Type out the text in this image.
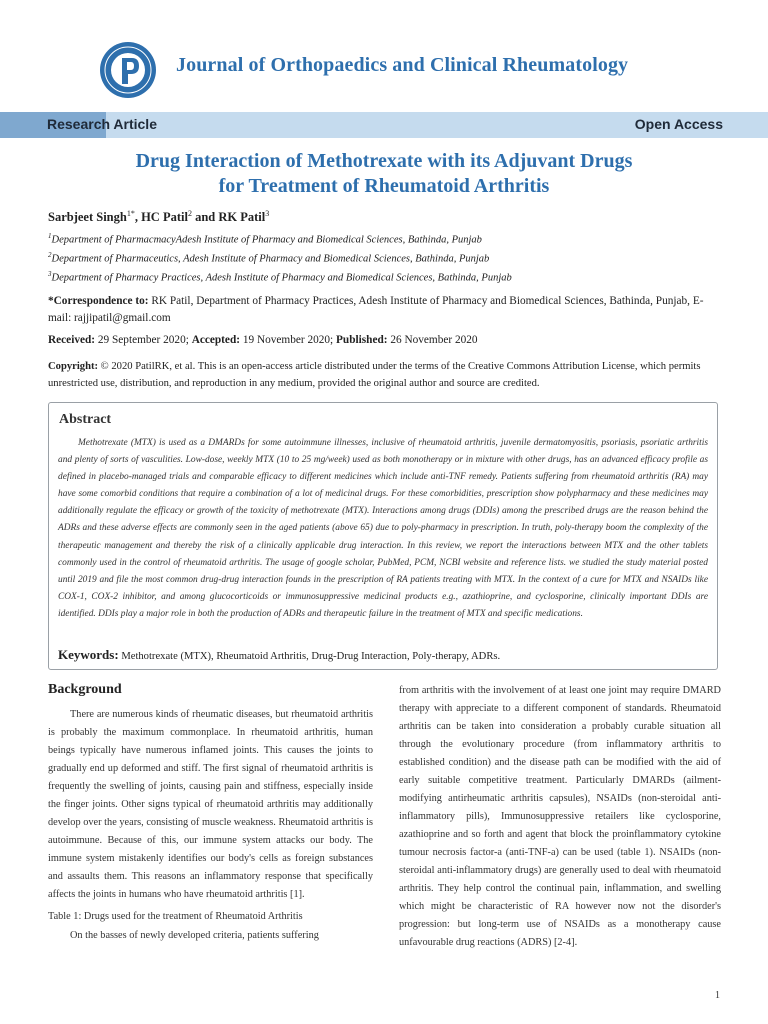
Journal of Orthopaedics and Clinical Rheumatology
Research Article	Open Access
Drug Interaction of Methotrexate with its Adjuvant Drugs
for Treatment of Rheumatoid Arthritis
Sarbjeet Singh$^{1*}$, HC Patil$^2$ and RK Patil$^3$
$^1$Department of PharmacmacyAdesh Institute of Pharmacy and Biomedical Sciences, Bathinda, Punjab
$^2$Department of Pharmaceutics, Adesh Institute of Pharmacy and Biomedical Sciences, Bathinda, Punjab
$^3$Department of Pharmacy Practices, Adesh Institute of Pharmacy and Biomedical Sciences, Bathinda, Punjab
*Correspondence to: RK Patil, Department of Pharmacy Practices, Adesh Institute of Pharmacy and Biomedical Sciences, Bathinda, Punjab, E-mail: rajjipatil@gmail.com
Received: 29 September 2020; Accepted: 19 November 2020; Published: 26 November 2020
Copyright: © 2020 PatilRK, et al. This is an open-access article distributed under the terms of the Creative Commons Attribution License, which permits unrestricted use, distribution, and reproduction in any medium, provided the original author and source are credited.
Abstract

Methotrexate (MTX) is used as a DMARDs for some autoimmune illnesses, inclusive of rheumatoid arthritis, juvenile dermatomyositis, psoriasis, psoriatic arthritis and plenty of sorts of vasculities. Low-dose, weekly MTX (10 to 25 mg/week) used as both monotherapy or in mixture with other drugs, has an advanced efficacy profile as defined in placebo-managed trials and comparable efficacy to different medicines which include anti-TNF remedy. Patients suffering from rheumatoid arthritis (RA) may have some comorbid conditions that require a combination of a lot of medicinal drugs. For these comorbidities, prescription show polypharmacy and these medicines may additionally regulate the efficacy or growth of the toxicity of methotrexate (MTX). Interactions among drugs (DDIs) among the prescribed drugs are the reason behind the ADRs and these adverse effects are commonly seen in the aged patients (above 65) due to poly-pharmacy in prescription. In truth, poly-therapy boom the complexity of the therapeutic management and thereby the risk of a clinically applicable drug interaction. In this review, we report the interactions between MTX and the other tablets commonly used in the control of rheumatoid arthritis. The usage of google scholar, PubMed, PCM, NCBI website and reference lists. we studied the study material posted until 2019 and file the most common drug-drug interaction founds in the prescription of RA patients treating with MTX. In the context of a cure for MTX and NSAIDs like COX-1, COX-2 inhibitor, and among glucocorticoids or immunosuppressive medicinal products e.g., azathioprine, and cyclosporine, clinically important DDIs are identified. DDIs play a major role in both the production of ADRs and therapeutic failure in the treatment of MTX and specific medications.

Keywords: Methotrexate (MTX), Rheumatoid Arthritis, Drug-Drug Interaction, Poly-therapy, ADRs.
Background

There are numerous kinds of rheumatic diseases, but rheumatoid arthritis is probably the maximum commonplace. In rheumatoid arthritis, human beings typically have numerous inflamed joints. This causes the joints to gradually end up deformed and stiff. The first signal of rheumatoid arthritis is frequently the swelling of joints, causing pain and stiffness, especially inside the finger joints. Other signs typical of rheumatoid arthritis may additionally develop over the years, consisting of muscle weakness. Rheumatoid arthritis is autoimmune. Because of this, our immune system attacks our body. The immune system mistakenly identifies our body's cells as foreign substances and assaults them. This reasons an inflammatory response that specifically affects the joints in humans who have rheumatoid arthritis [1].

Table 1: Drugs used for the treatment of Rheumatoid Arthritis

On the basses of newly developed criteria, patients suffering

from arthritis with the involvement of at least one joint may require DMARD therapy with appreciate to a different component of standards. Rheumatoid arthritis can be taken into consideration a probably curable situation all through the evolutionary procedure (from inflammatory arthritis to established condition) and the disease path can be modified with the aid of early suitable competitive treatment. Particularly DMARDs (ailment-modifying antirheumatic arthritis capsules), NSAIDs (non-steroidal anti-inflammatory pills), Immunosuppressive retailers like cyclosporine, azathioprine and so forth and agent that block the proinflammatory cytokine tumour necrosis factor-a (anti-TNF-a) can be used (table 1). NSAIDs (non-steroidal anti-inflammatory drugs) are generally used to deal with rheumatoid arthritis. They help control the continual pain, inflammation, and swelling which might be characteristic of RA however now not the disorder's progression: but long-term use of NSAIDs as a monotherapy cause unfavourable drug reactions (ADRS) [2-4].

1
